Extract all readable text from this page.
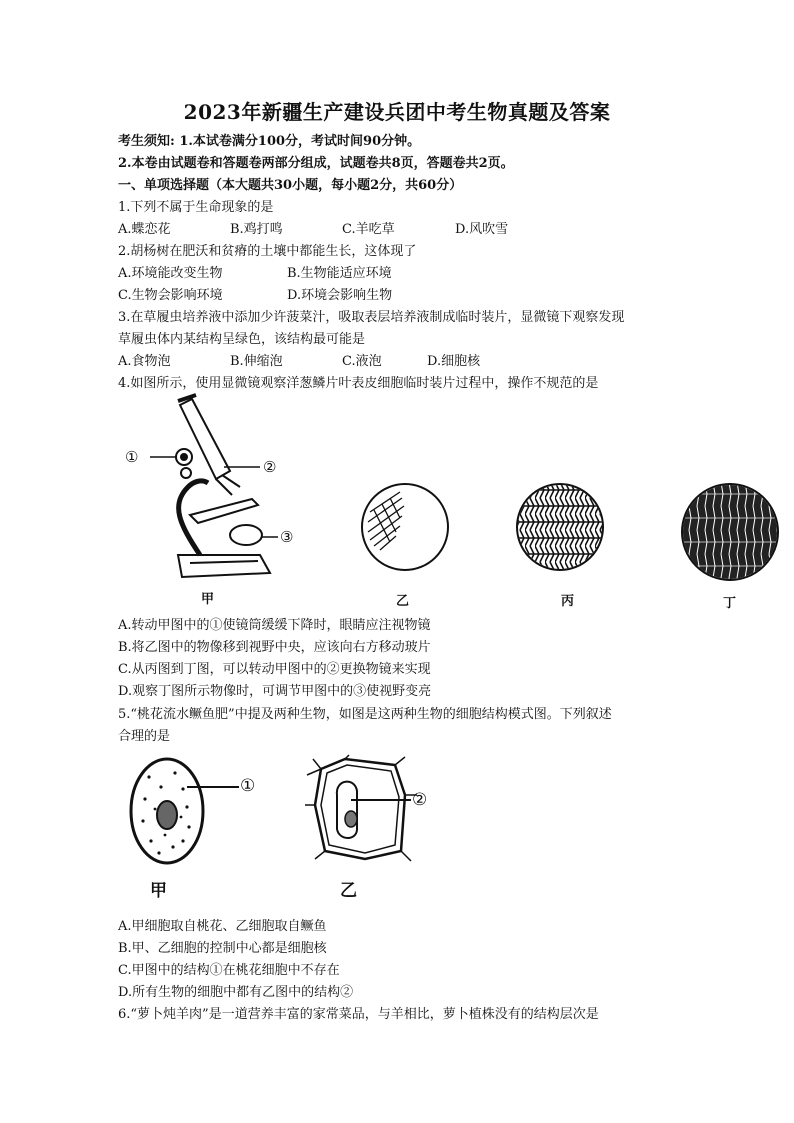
2023年新疆生产建设兵团中考生物真题及答案
考生须知: 1.本试卷满分100分，考试时间90分钟。
2.本卷由试题卷和答题卷两部分组成，试题卷共8页，答题卷共2页。
一、单项选择题（本大题共30小题，每小题2分，共60分）
1.下列不属于生命现象的是
A.蝶恋花	B.鸡打鸣	C.羊吃草	D.风吹雪
2.胡杨树在肥沃和贫瘠的土壤中都能生长，这体现了
A.环境能改变生物	B.生物能适应环境
C.生物会影响环境	D.环境会影响生物
3.在草履虫培养液中添加少许菠菜汁，吸取表层培养液制成临时装片，显微镜下观察发现
草履虫体内某结构呈绿色，该结构最可能是
A.食物泡	B.伸缩泡	C.液泡	D.细胞核
4.如图所示，使用显微镜观察洋葱鳞片叶表皮细胞临时装片过程中，操作不规范的是
①
②
③
甲	乙	丙	丁
A.转动甲图中的①使镜筒缓缓下降时，眼睛应注视物镜
B.将乙图中的物像移到视野中央，应该向右方移动玻片
C.从丙图到丁图，可以转动甲图中的②更换物镜来实现
D.观察丁图所示物像时，可调节甲图中的③使视野变亮
5.“桃花流水鳜鱼肥”中提及两种生物，如图是这两种生物的细胞结构模式图。下列叙述
合理的是
①
甲
②
乙
A.甲细胞取自桃花、乙细胞取自鳜鱼
B.甲、乙细胞的控制中心都是细胞核
C.甲图中的结构①在桃花细胞中不存在
D.所有生物的细胞中都有乙图中的结构②
6.“萝卜炖羊肉”是一道营养丰富的家常菜品，与羊相比，萝卜植株没有的结构层次是
